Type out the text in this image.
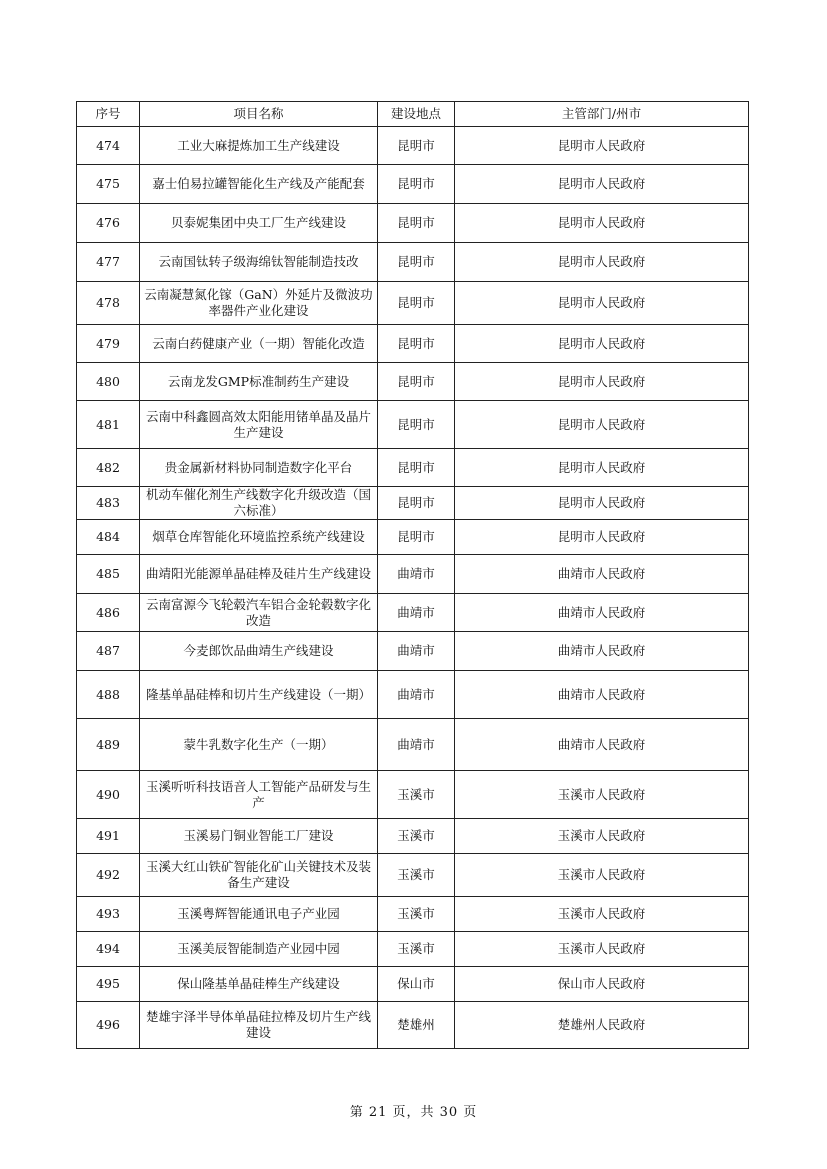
序号	项目名称	建设地点	主管部门/州市
474	工业大麻提炼加工生产线建设	昆明市	昆明市人民政府
475	嘉士伯易拉罐智能化生产线及产能配套	昆明市	昆明市人民政府
476	贝泰妮集团中央工厂生产线建设	昆明市	昆明市人民政府
477	云南国钛转子级海绵钛智能制造技改	昆明市	昆明市人民政府
478	云南凝慧氮化镓（GaN）外延片及微波功率器件产业化建设	昆明市	昆明市人民政府
479	云南白药健康产业（一期）智能化改造	昆明市	昆明市人民政府
480	云南龙发GMP标准制药生产建设	昆明市	昆明市人民政府
481	云南中科鑫圆高效太阳能用锗单晶及晶片生产建设	昆明市	昆明市人民政府
482	贵金属新材料协同制造数字化平台	昆明市	昆明市人民政府
483	机动车催化剂生产线数字化升级改造（国六标准）	昆明市	昆明市人民政府
484	烟草仓库智能化环境监控系统产线建设	昆明市	昆明市人民政府
485	曲靖阳光能源单晶硅棒及硅片生产线建设	曲靖市	曲靖市人民政府
486	云南富源今飞轮毂汽车铝合金轮毂数字化改造	曲靖市	曲靖市人民政府
487	今麦郎饮品曲靖生产线建设	曲靖市	曲靖市人民政府
488	隆基单晶硅棒和切片生产线建设（一期）	曲靖市	曲靖市人民政府
489	蒙牛乳数字化生产（一期）	曲靖市	曲靖市人民政府
490	玉溪听听科技语音人工智能产品研发与生产	玉溪市	玉溪市人民政府
491	玉溪易门铜业智能工厂建设	玉溪市	玉溪市人民政府
492	玉溪大红山铁矿智能化矿山关键技术及装备生产建设	玉溪市	玉溪市人民政府
493	玉溪粤辉智能通讯电子产业园	玉溪市	玉溪市人民政府
494	玉溪美辰智能制造产业园中园	玉溪市	玉溪市人民政府
495	保山隆基单晶硅棒生产线建设	保山市	保山市人民政府
496	楚雄宇泽半导体单晶硅拉棒及切片生产线建设	楚雄州	楚雄州人民政府
第 21 页，共 30 页
